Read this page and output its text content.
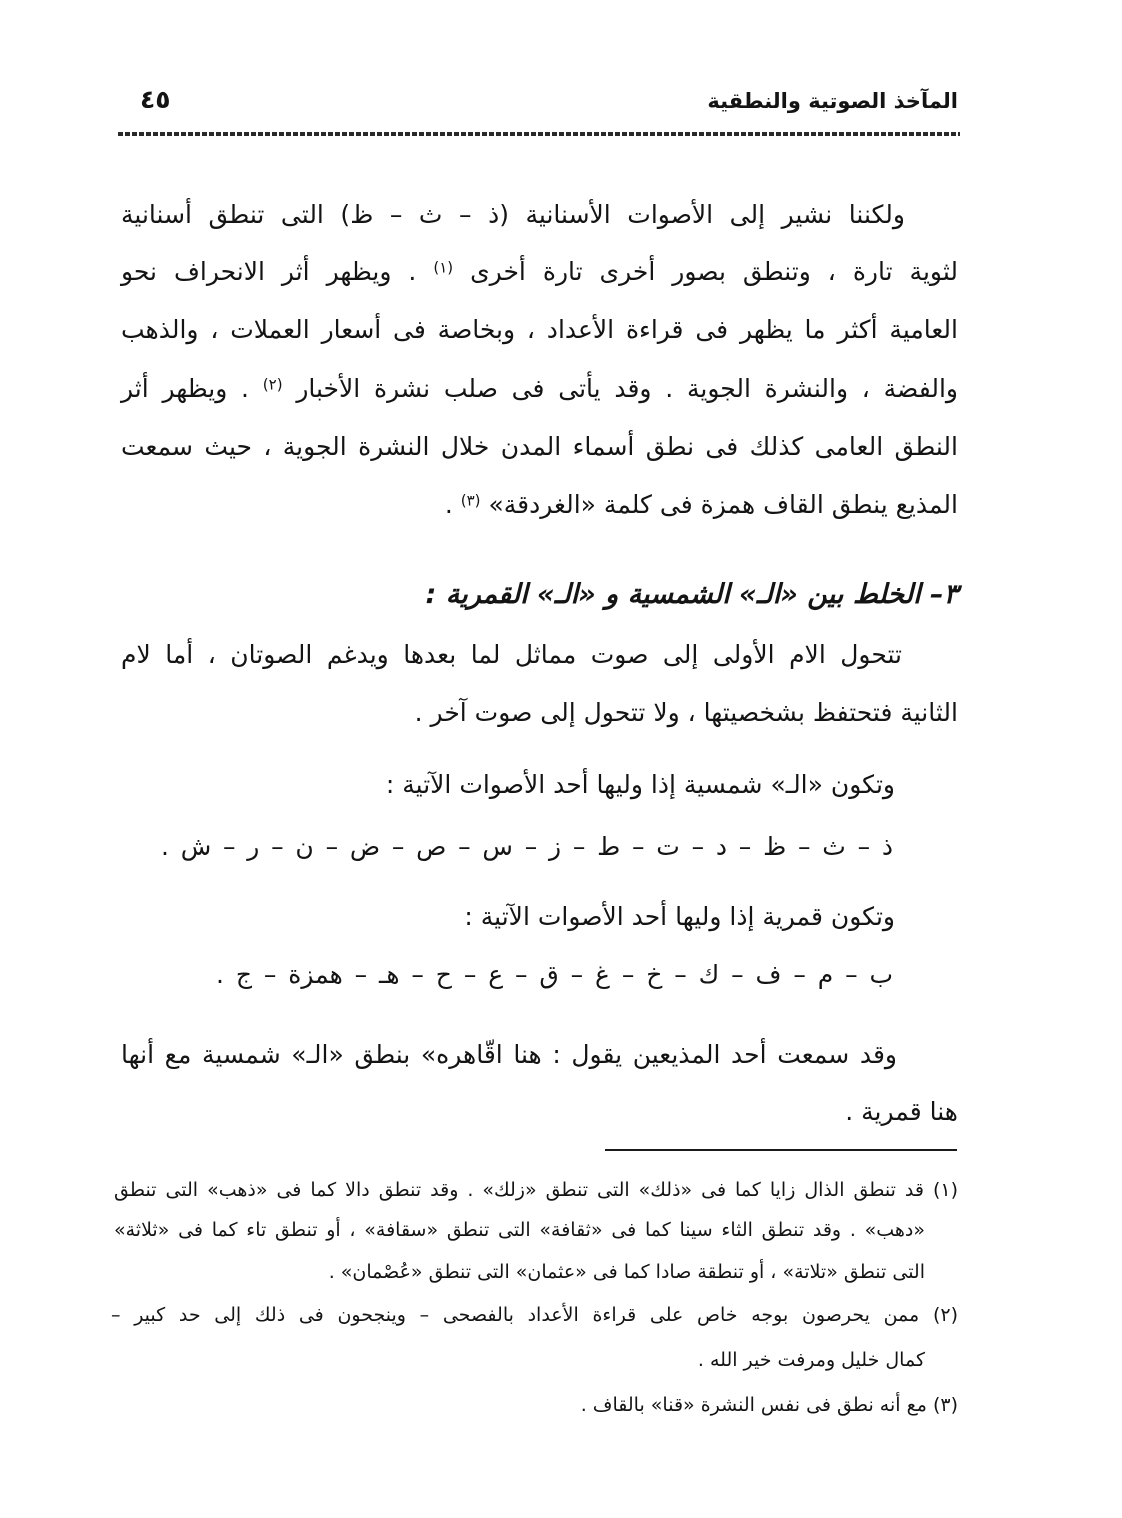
المآخذ الصوتية والنطقية
٤٥
ولكننا نشير إلى الأصوات الأسنانية (ذ – ث – ظ) التى تنطق أسنانية
لثوية تارة ، وتنطق بصور أخرى تارة أخرى $^{(١)}$ . ويظهر أثر الانحراف نحو
العامية أكثر ما يظهر فى قراءة الأعداد ، وبخاصة فى أسعار العملات ، والذهب
والفضة ، والنشرة الجوية . وقد يأتى فى صلب نشرة الأخبار $^{(٢)}$ . ويظهر أثر
النطق العامى كذلك فى نطق أسماء المدن خلال النشرة الجوية ، حيث سمعت
المذيع ينطق القاف همزة فى كلمة «الغردقة» $^{(٣)}$ .
٣– الخلط بين «الـ» الشمسية و «الـ» القمرية :
تتحول الام الأولى إلى صوت مماثل لما بعدها ويدغم الصوتان ، أما لام
الثانية فتحتفظ بشخصيتها ، ولا تتحول إلى صوت آخر .
وتكون «الـ» شمسية إذا وليها أحد الأصوات الآتية :
ذ – ث – ظ – د – ت – ط – ز – س – ص – ض – ن – ر – ش .
وتكون قمرية إذا وليها أحد الأصوات الآتية :
ب – م – ف – ك – خ – غ – ق – ع – ح – هـ – همزة – ج .
وقد سمعت أحد المذيعين يقول : هنا اقّاهره» بنطق «الـ» شمسية مع أنها
هنا قمرية .
(١) قد تنطق الذال زايا كما فى «ذلك» التى تنطق «زلك» . وقد تنطق دالا كما فى «ذهب» التى تنطق
«دهب» . وقد تنطق الثاء سينا كما فى «ثقافة» التى تنطق «سقافة» ، أو تنطق تاء كما فى «ثلاثة»
التى تنطق «تلاتة» ، أو تنطقة صادا كما فى «عثمان» التى تنطق «عُصْمان» .
(٢) ممن يحرصون بوجه خاص على قراءة الأعداد بالفصحى – وينجحون فى ذلك إلى حد كبير –
كمال خليل ومرفت خير الله .
(٣) مع أنه نطق فى نفس النشرة «قنا» بالقاف .
